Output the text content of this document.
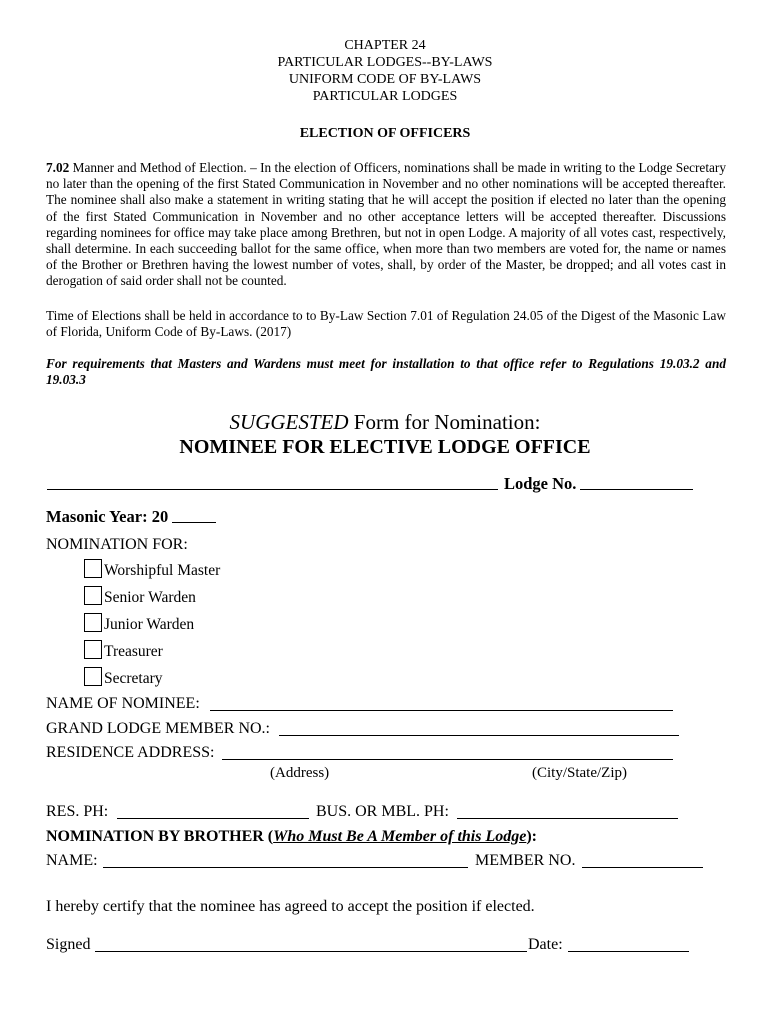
CHAPTER 24
PARTICULAR LODGES--BY-LAWS
UNIFORM CODE OF BY-LAWS
PARTICULAR LODGES
ELECTION OF OFFICERS
7.02 Manner and Method of Election. – In the election of Officers, nominations shall be made in writing to the Lodge Secretary no later than the opening of the first Stated Communication in November and no other nominations will be accepted thereafter. The nominee shall also make a statement in writing stating that he will accept the position if elected no later than the opening of the first Stated Communication in November and no other acceptance letters will be accepted thereafter. Discussions regarding nominees for office may take place among Brethren, but not in open Lodge. A majority of all votes cast, respectively, shall determine. In each succeeding ballot for the same office, when more than two members are voted for, the name or names of the Brother or Brethren having the lowest number of votes, shall, by order of the Master, be dropped; and all votes cast in derogation of said order shall not be counted.
Time of Elections shall be held in accordance to to By-Law Section 7.01 of Regulation 24.05 of the Digest of the Masonic Law of Florida, Uniform Code of By-Laws. (2017)
For requirements that Masters and Wardens must meet for installation to that office refer to Regulations 19.03.2 and 19.03.3
SUGGESTED Form for Nomination:
NOMINEE FOR ELECTIVE LODGE OFFICE
Lodge No.
Masonic Year: 20
NOMINATION FOR:
Worshipful Master
Senior Warden
Junior Warden
Treasurer
Secretary
NAME OF NOMINEE:
GRAND LODGE MEMBER NO.:
RESIDENCE ADDRESS:
(Address)	(City/State/Zip)
RES. PH:	BUS. OR MBL. PH:
NOMINATION BY BROTHER (Who Must Be A Member of this Lodge):
NAME:	MEMBER NO.
I hereby certify that the nominee has agreed to accept the position if elected.
Signed	Date:
